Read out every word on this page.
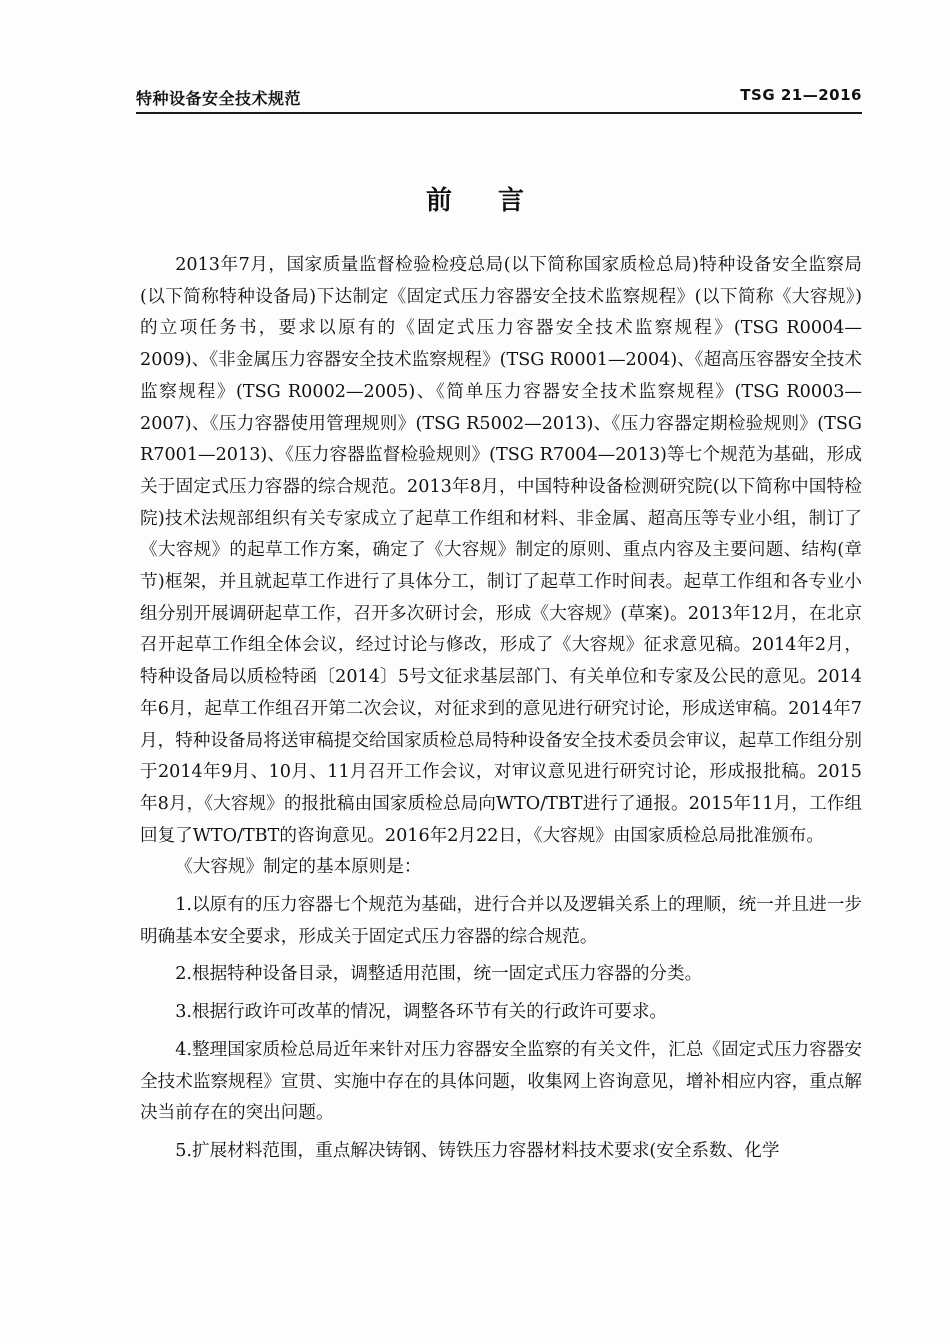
特种设备安全技术规范	TSG 21—2016
前言

2013年7月，国家质量监督检验检疫总局(以下简称国家质检总局)特种设备安全监察局(以下简称特种设备局)下达制定《固定式压力容器安全技术监察规程》(以下简称《大容规》)的立项任务书，要求以原有的《固定式压力容器安全技术监察规程》(TSG R0004—2009)、《非金属压力容器安全技术监察规程》(TSG R0001—2004)、《超高压容器安全技术监察规程》(TSG R0002—2005)、《简单压力容器安全技术监察规程》(TSG R0003—2007)、《压力容器使用管理规则》(TSG R5002—2013)、《压力容器定期检验规则》(TSG R7001—2013)、《压力容器监督检验规则》(TSG R7004—2013)等七个规范为基础，形成关于固定式压力容器的综合规范。2013年8月，中国特种设备检测研究院(以下简称中国特检院)技术法规部组织有关专家成立了起草工作组和材料、非金属、超高压等专业小组，制订了《大容规》的起草工作方案，确定了《大容规》制定的原则、重点内容及主要问题、结构(章节)框架，并且就起草工作进行了具体分工，制订了起草工作时间表。起草工作组和各专业小组分别开展调研起草工作，召开多次研讨会，形成《大容规》(草案)。2013年12月，在北京召开起草工作组全体会议，经过讨论与修改，形成了《大容规》征求意见稿。2014年2月，特种设备局以质检特函〔2014〕5号文征求基层部门、有关单位和专家及公民的意见。2014年6月，起草工作组召开第二次会议，对征求到的意见进行研究讨论，形成送审稿。2014年7月，特种设备局将送审稿提交给国家质检总局特种设备安全技术委员会审议，起草工作组分别于2014年9月、10月、11月召开工作会议，对审议意见进行研究讨论，形成报批稿。2015年8月，《大容规》的报批稿由国家质检总局向WTO/TBT进行了通报。2015年11月，工作组回复了WTO/TBT的咨询意见。2016年2月22日，《大容规》由国家质检总局批准颁布。

《大容规》制定的基本原则是：

1.以原有的压力容器七个规范为基础，进行合并以及逻辑关系上的理顺，统一并且进一步明确基本安全要求，形成关于固定式压力容器的综合规范。

2.根据特种设备目录，调整适用范围，统一固定式压力容器的分类。

3.根据行政许可改革的情况，调整各环节有关的行政许可要求。

4.整理国家质检总局近年来针对压力容器安全监察的有关文件，汇总《固定式压力容器安全技术监察规程》宣贯、实施中存在的具体问题，收集网上咨询意见，增补相应内容，重点解决当前存在的突出问题。

5.扩展材料范围，重点解决铸钢、铸铁压力容器材料技术要求(安全系数、化学
